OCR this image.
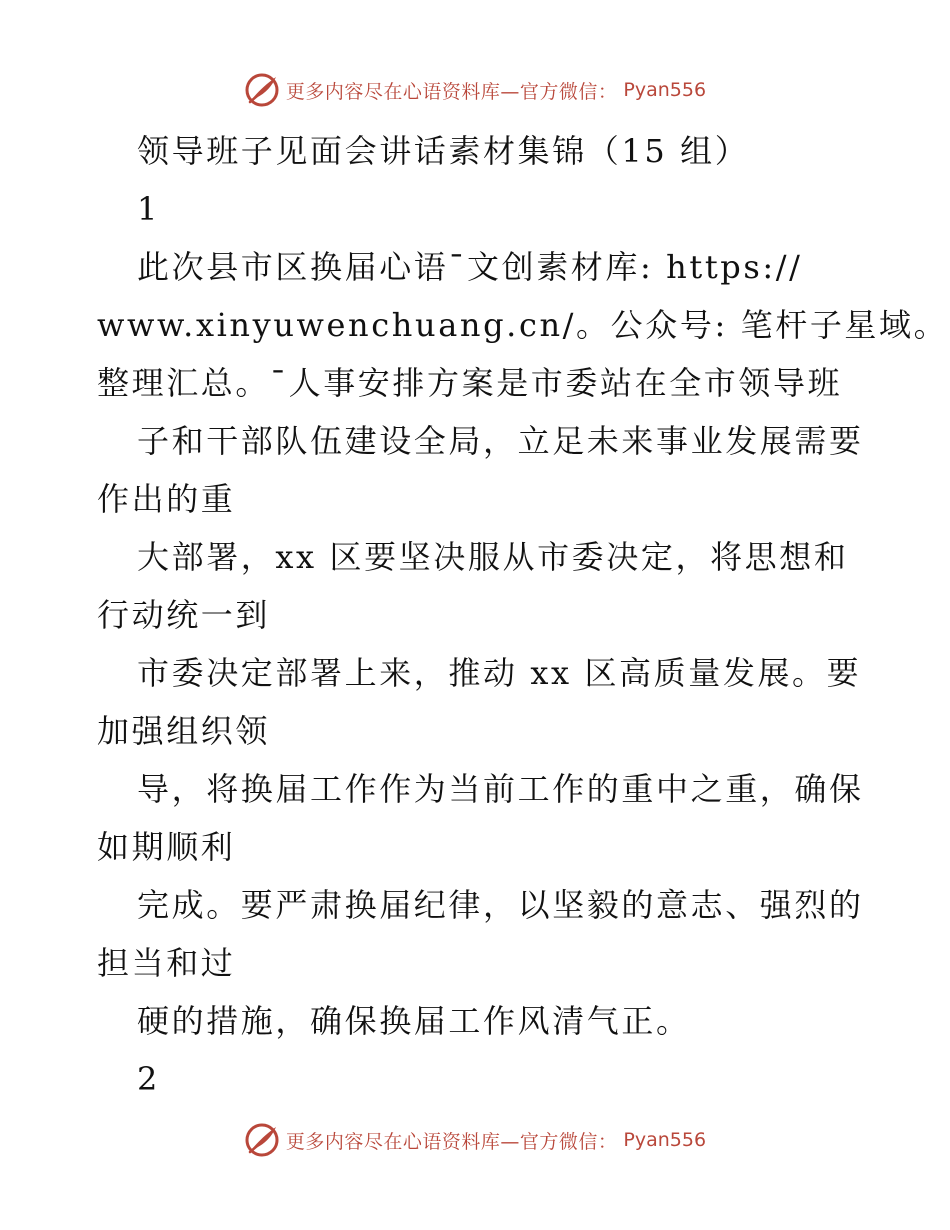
更多内容尽在心语资料库—官方微信： Pyan556
领导班子见面会讲话素材集锦（15 组）
1
此次县市区换届心语¯文创素材库: https://
www.xinyuwenchuang.cn/。公众号: 笔杆子星域。
整理汇总。¯人事安排方案是市委站在全市领导班
子和干部队伍建设全局，立足未来事业发展需要
作出的重
大部署，xx 区要坚决服从市委决定，将思想和
行动统一到
市委决定部署上来，推动 xx 区高质量发展。要
加强组织领
导，将换届工作作为当前工作的重中之重，确保
如期顺利
完成。要严肃换届纪律，以坚毅的意志、强烈的
担当和过
硬的措施，确保换届工作风清气正。
2
更多内容尽在心语资料库—官方微信： Pyan556
